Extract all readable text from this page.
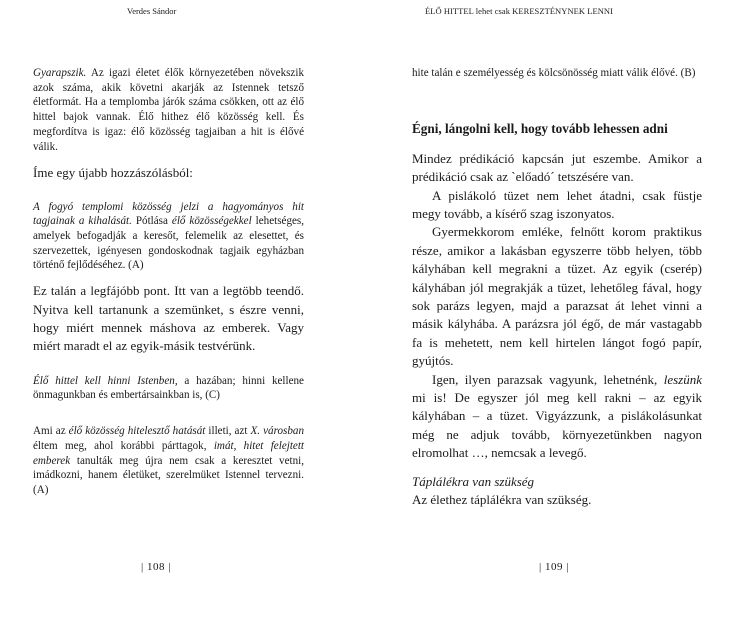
Verdes Sándor

Gyarapszik. Az igazi életet élők környezetében növekszik azok száma, akik követni akarják az Istennek tetsző életformát. Ha a templomba járók száma csökken, ott az élő hittel bajok vannak. Élő hithez élő közösség kell. És megfordítva is igaz: élő közösség tagjaiban a hit is élővé válik.

Íme egy újabb hozzászólásból:

A fogyó templomi közösség jelzi a hagyományos hit tagjainak a kihalását. Pótlása élő közösségekkel lehetséges, amelyek befogadják a keresőt, felemelik az elesettet, és szervezettek, igényesen gondoskodnak tagjaik egyházban történő fejlődéséhez. (A)

Ez talán a legfájóbb pont. Itt van a legtöbb teendő. Nyitva kell tartanunk a szemünket, s észre venni, hogy miért mennek máshova az emberek. Vagy miért maradt el az egyik-másik testvérünk.

Élő hittel kell hinni Istenben, a hazában; hinni kellene önmagunkban és embertársainkban is, (C)

Ami az élő közösség hitelesztő hatását illeti, azt X. városban éltem meg, ahol korábbi párttagok, imát, hitet felejtett emberek tanulták meg újra nem csak a keresztet vetni, imádkozni, hanem életüket, szerelmüket Istennel tervezni. (A)

| 108 |
ÉLŐ HITTEL lehet csak KERESZTÉNYNEK LENNI

hite talán e személyesség és kölcsönösség miatt válik élővé. (B)

Égni, lángolni kell, hogy tovább lehessen adni

Mindez prédikáció kapcsán jut eszembe. Amikor a prédikáció csak az ˋelőadóˊ tetszésére van.

A pislákoló tüzet nem lehet átadni, csak füstje megy tovább, a kísérő szag iszonyatos.

Gyermekkorom emléke, felnőtt korom praktikus része, amikor a lakásban egyszerre több helyen, több kályhában kell megrakni a tüzet. Az egyik (cserép) kályhában jól megrakják a tüzet, lehetőleg fával, hogy sok parázs legyen, majd a parazsat át lehet vinni a másik kályhába. A parázsra jól égő, de már vastagabb fa is mehetett, nem kell hirtelen lángot fogó papír, gyújtós.

Igen, ilyen parazsak vagyunk, lehetnénk, leszünk mi is! De egyszer jól meg kell rakni – az egyik kályhában – a tüzet. Vigyázzunk, a pislákolásunkat még ne adjuk tovább, környezetünkben nagyon elromolhat …, nemcsak a levegő.

Táplálékra van szükség

Az élethez táplálékra van szükség.

| 109 |
